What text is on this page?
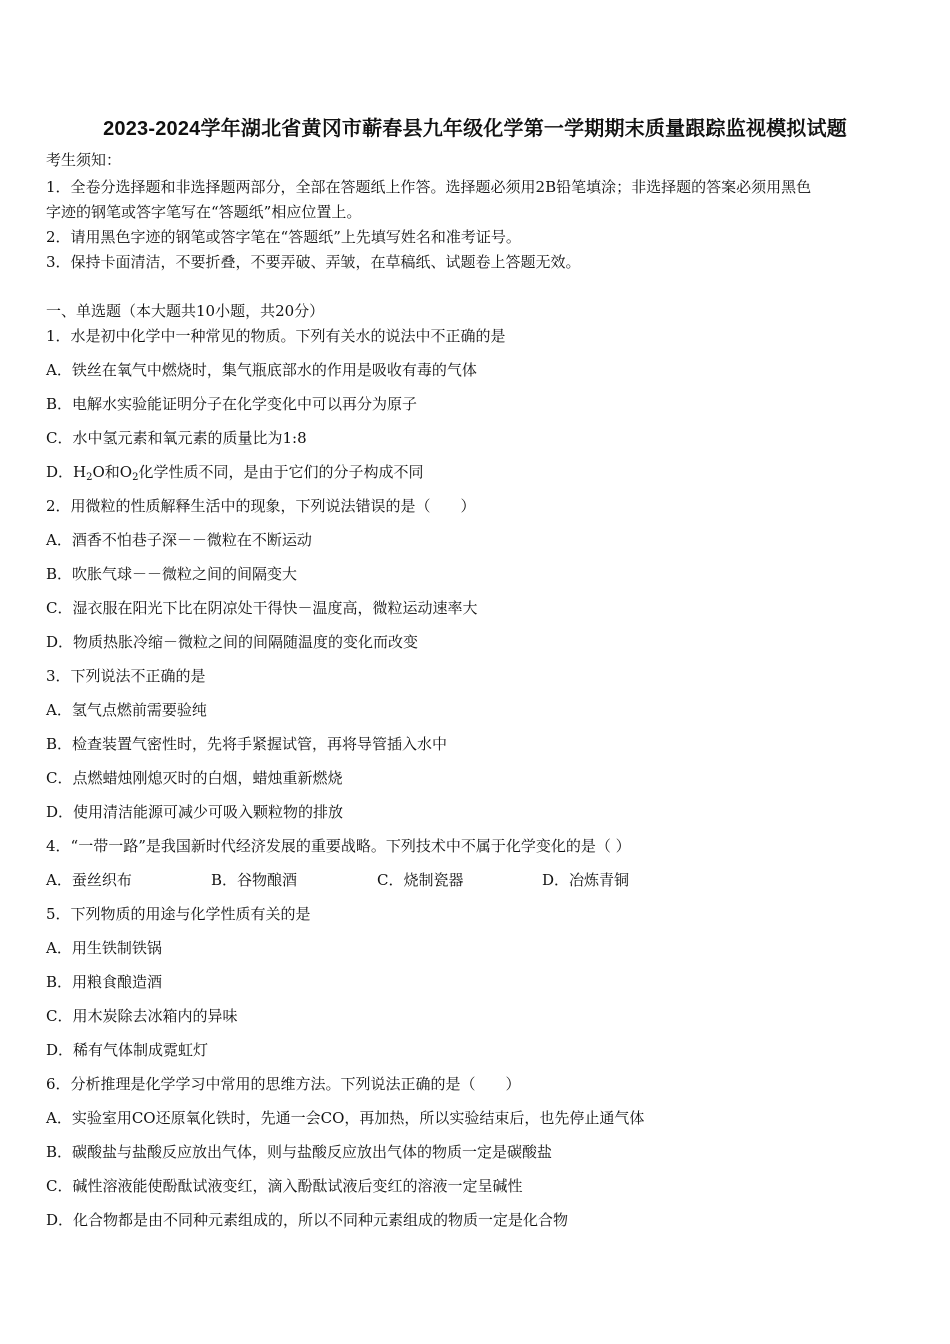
2023-2024学年湖北省黄冈市蕲春县九年级化学第一学期期末质量跟踪监视模拟试题
考生须知：
1．全卷分选择题和非选择题两部分，全部在答题纸上作答。选择题必须用2B铅笔填涂；非选择题的答案必须用黑色
字迹的钢笔或答字笔写在“答题纸”相应位置上。
2．请用黑色字迹的钢笔或答字笔在“答题纸”上先填写姓名和准考证号。
3．保持卡面清洁，不要折叠，不要弄破、弄皱，在草稿纸、试题卷上答题无效。
一、单选题（本大题共10小题，共20分）
1．水是初中化学中一种常见的物质。下列有关水的说法中不正确的是
A．铁丝在氧气中燃烧时，集气瓶底部水的作用是吸收有毒的气体
B．电解水实验能证明分子在化学变化中可以再分为原子
C．水中氢元素和氧元素的质量比为1:8
D．$H_2O$和$O_2$化学性质不同，是由于它们的分子构成不同
2．用微粒的性质解释生活中的现象，下列说法错误的是（　　）
A．酒香不怕巷子深－－微粒在不断运动
B．吹胀气球－－微粒之间的间隔变大
C．湿衣服在阳光下比在阴凉处干得快－温度高，微粒运动速率大
D．物质热胀冷缩－微粒之间的间隔随温度的变化而改变
3．下列说法不正确的是
A．氢气点燃前需要验纯
B．检查装置气密性时，先将手紧握试管，再将导管插入水中
C．点燃蜡烛刚熄灭时的白烟，蜡烛重新燃烧
D．使用清洁能源可减少可吸入颗粒物的排放
4．“一带一路”是我国新时代经济发展的重要战略。下列技术中不属于化学变化的是（ ）
A．蚕丝织布	B．谷物酿酒	C．烧制瓷器	D．冶炼青铜
5．下列物质的用途与化学性质有关的是
A．用生铁制铁锅
B．用粮食酿造酒
C．用木炭除去冰箱内的异味
D．稀有气体制成霓虹灯
6．分析推理是化学学习中常用的思维方法。下列说法正确的是（　　）
A．实验室用CO还原氧化铁时，先通一会CO，再加热，所以实验结束后，也先停止通气体
B．碳酸盐与盐酸反应放出气体，则与盐酸反应放出气体的物质一定是碳酸盐
C．碱性溶液能使酚酞试液变红，滴入酚酞试液后变红的溶液一定呈碱性
D．化合物都是由不同种元素组成的，所以不同种元素组成的物质一定是化合物
